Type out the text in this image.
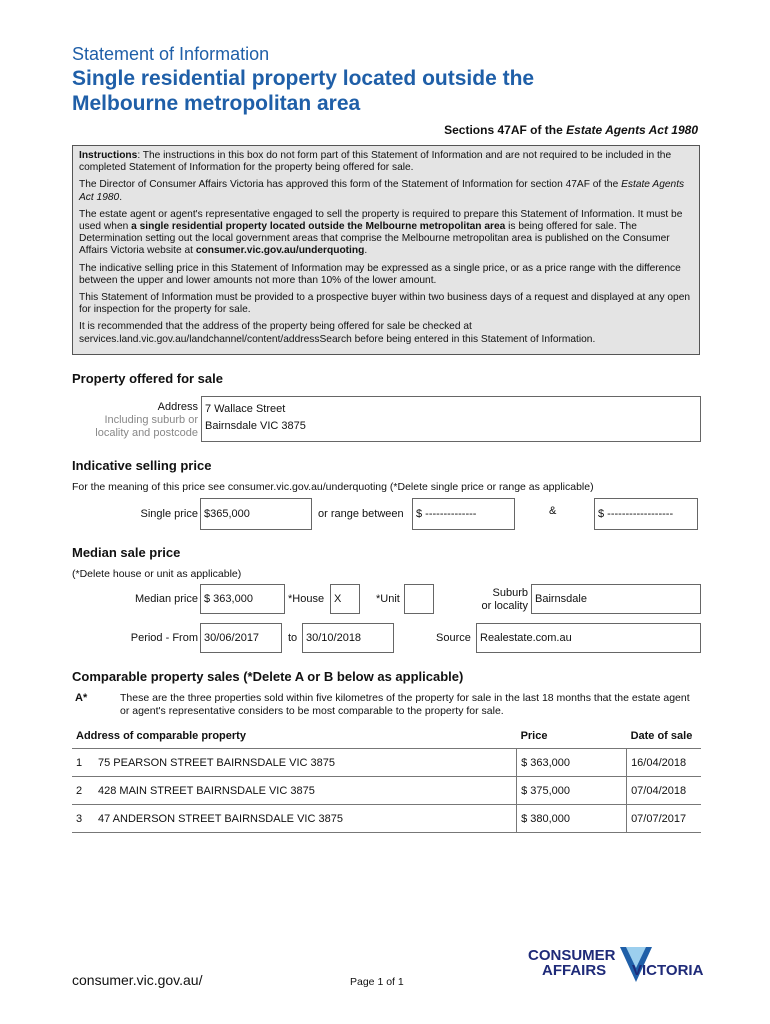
Statement of Information
Single residential property located outside the
Melbourne metropolitan area
Sections 47AF of the Estate Agents Act 1980

Instructions: The instructions in this box do not form part of this Statement of Information and are not required to be included in the completed Statement of Information for the property being offered for sale.

The Director of Consumer Affairs Victoria has approved this form of the Statement of Information for section 47AF of the Estate Agents Act 1980.

The estate agent or agent's representative engaged to sell the property is required to prepare this Statement of Information. It must be used when a single residential property located outside the Melbourne metropolitan area is being offered for sale. The Determination setting out the local government areas that comprise the Melbourne metropolitan area is published on the Consumer Affairs Victoria website at consumer.vic.gov.au/underquoting.

The indicative selling price in this Statement of Information may be expressed as a single price, or as a price range with the difference between the upper and lower amounts not more than 10% of the lower amount.

This Statement of Information must be provided to a prospective buyer within two business days of a request and displayed at any open for inspection for the property for sale.

It is recommended that the address of the property being offered for sale be checked at services.land.vic.gov.au/landchannel/content/addressSearch before being entered in this Statement of Information.

Property offered for sale
Address
Including suburb or
locality and postcode
7 Wallace Street
Bairnsdale VIC 3875
Indicative selling price
For the meaning of this price see consumer.vic.gov.au/underquoting (*Delete single price or range as applicable)
Single price $365,000	or range between	$ --------------	&	$ ------------------
Median sale price
(*Delete house or unit as applicable)
Median price $ 363,000	*House X	*Unit	Suburb
or locality
Bairnsdale
Period - From 30/06/2017	to 30/10/2018	Source Realestate.com.au
Comparable property sales (*Delete A or B below as applicable)
A*	These are the three properties sold within five kilometres of the property for sale in the last 18 months that the estate agent or agent's representative considers to be most comparable to the property for sale.
Address of comparable property		Price	Date of sale
1	75 PEARSON STREET BAIRNSDALE VIC 3875	$ 363,000	16/04/2018
2	428 MAIN STREET BAIRNSDALE VIC 3875	$ 375,000	07/04/2018
3	47 ANDERSON STREET BAIRNSDALE VIC 3875	$ 380,000	07/07/2017
consumer.vic.gov.au/	Page 1 of 1
CONSUMER
AFFAIRS VICTORIA
